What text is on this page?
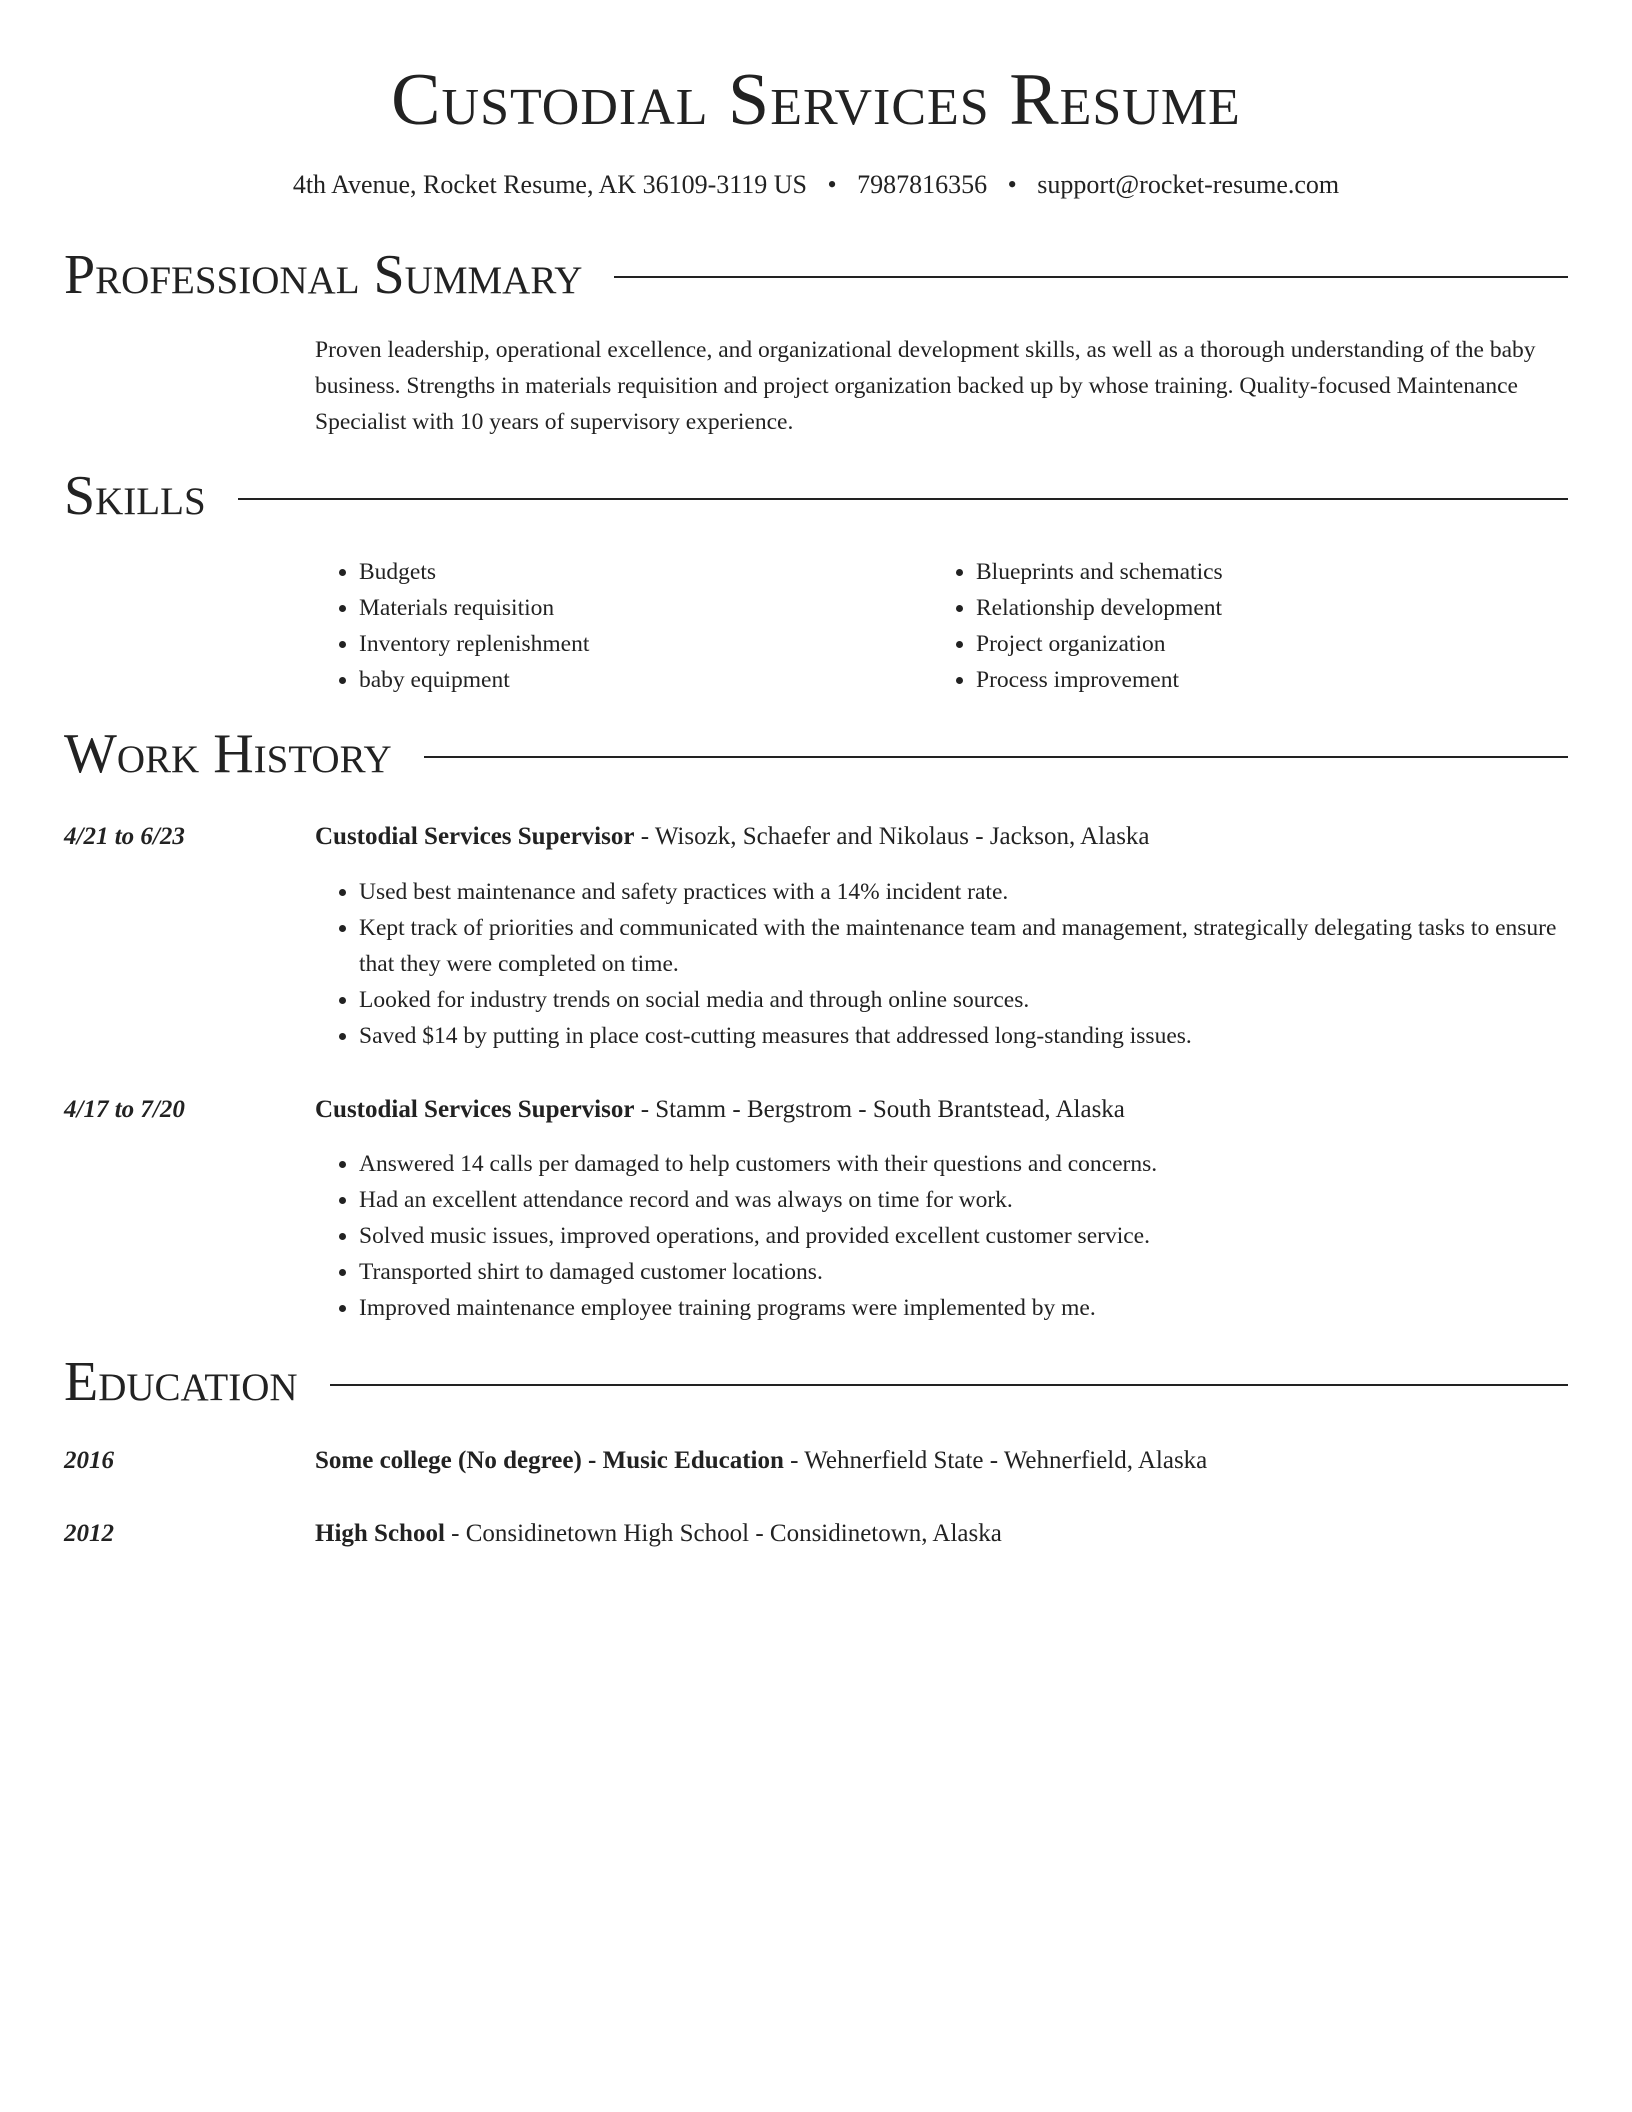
Custodial Services Resume
4th Avenue, Rocket Resume, AK 36109-3119 US • 7987816356 • support@rocket-resume.com
Professional Summary
Proven leadership, operational excellence, and organizational development skills, as well as a thorough understanding of the baby business. Strengths in materials requisition and project organization backed up by whose training. Quality-focused Maintenance Specialist with 10 years of supervisory experience.
Skills
• Budgets
• Materials requisition
• Inventory replenishment
• baby equipment
• Blueprints and schematics
• Relationship development
• Project organization
• Process improvement
Work History
4/21 to 6/23	Custodial Services Supervisor - Wisozk, Schaefer and Nikolaus - Jackson, Alaska
• Used best maintenance and safety practices with a 14% incident rate.
• Kept track of priorities and communicated with the maintenance team and management, strategically delegating tasks to ensure that they were completed on time.
• Looked for industry trends on social media and through online sources.
• Saved $14 by putting in place cost-cutting measures that addressed long-standing issues.
4/17 to 7/20	Custodial Services Supervisor - Stamm - Bergstrom - South Brantstead, Alaska
• Answered 14 calls per damaged to help customers with their questions and concerns.
• Had an excellent attendance record and was always on time for work.
• Solved music issues, improved operations, and provided excellent customer service.
• Transported shirt to damaged customer locations.
• Improved maintenance employee training programs were implemented by me.
Education
2016	Some college (No degree) - Music Education - Wehnerfield State - Wehnerfield, Alaska
2012	High School - Considinetown High School - Considinetown, Alaska
